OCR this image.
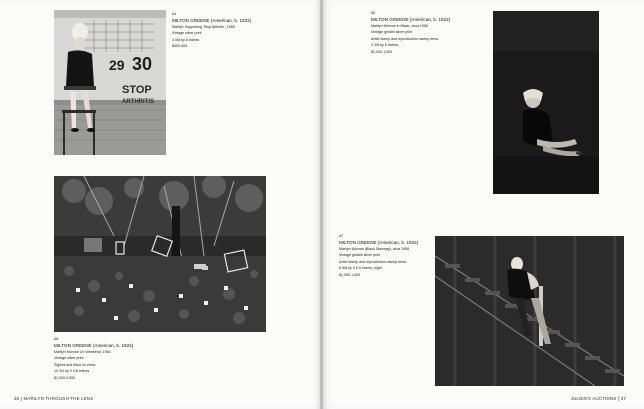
29 30
STOP
ARTHRITIS
A4
MILTON GREENE (American, b. 1922)
Marilyn Supporting 'Stop Arthritis', 1955
Vintage silver print
4 5/8 by 8 inches
$400-600
A6
MILTON GREENE (American, b. 1922)
Marilyn Monroe On Weekend, 1954
Vintage silver print
Signed and titled on verso
10 3/4 by 9 1/8 inches
$1,500-2,500
36 | MARILYN THROUGH THE LENS
A5
MILTON GREENE (American, b. 1922)
Marilyn Monroe in Black, circa 1956
Vintage gelatin silver print
Artist stamp and reproduction stamp verso
4 3/8 by 6 inches
$1,000-1,500
A7
MILTON GREENE (American, b. 1922)
Marilyn Monroe (Black Stairway), circa 1956
Vintage gelatin silver print
Artist stamp and reproduction stamp verso
6 5/8 by 9 1/4 inches, eight
$1,000-1,500
JULIEN'S AUCTIONS | 37
